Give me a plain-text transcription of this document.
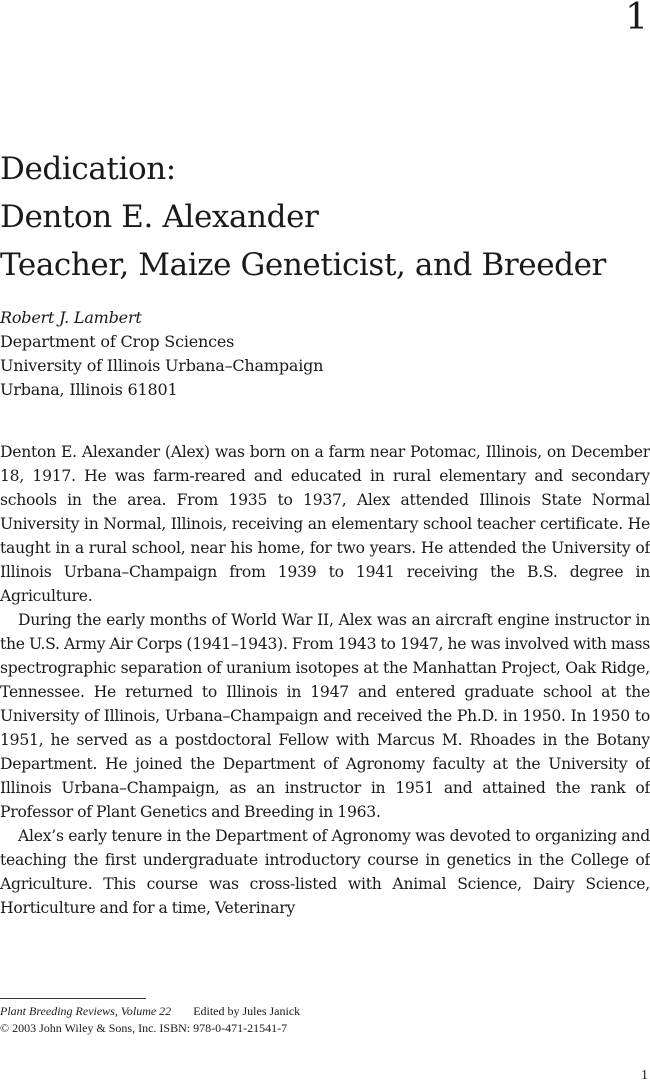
1
Dedication:
Denton E. Alexander
Teacher, Maize Geneticist, and Breeder
Robert J. Lambert
Department of Crop Sciences
University of Illinois Urbana–Champaign
Urbana, Illinois 61801

Denton E. Alexander (Alex) was born on a farm near Potomac, Illinois, on December 18, 1917. He was farm-reared and educated in rural elementary and secondary schools in the area. From 1935 to 1937, Alex attended Illinois State Normal University in Normal, Illinois, receiving an elementary school teacher certificate. He taught in a rural school, near his home, for two years. He attended the University of Illinois Urbana–Champaign from 1939 to 1941 receiving the B.S. degree in Agriculture.

During the early months of World War II, Alex was an aircraft engine instructor in the U.S. Army Air Corps (1941–1943). From 1943 to 1947, he was involved with mass spectrographic separation of uranium isotopes at the Manhattan Project, Oak Ridge, Tennessee. He returned to Illinois in 1947 and entered graduate school at the University of Illinois, Urbana–Champaign and received the Ph.D. in 1950. In 1950 to 1951, he served as a postdoctoral Fellow with Marcus M. Rhoades in the Botany Department. He joined the Department of Agronomy faculty at the University of Illinois Urbana–Champaign, as an instructor in 1951 and attained the rank of Professor of Plant Genetics and Breeding in 1963.

Alex’s early tenure in the Department of Agronomy was devoted to organizing and teaching the first undergraduate introductory course in genetics in the College of Agriculture. This course was cross-listed with Animal Science, Dairy Science, Horticulture and for a time, Veterinary

Plant Breeding Reviews, Volume 22 Edited by Jules Janick
© 2003 John Wiley & Sons, Inc. ISBN: 978-0-471-21541-7
1
